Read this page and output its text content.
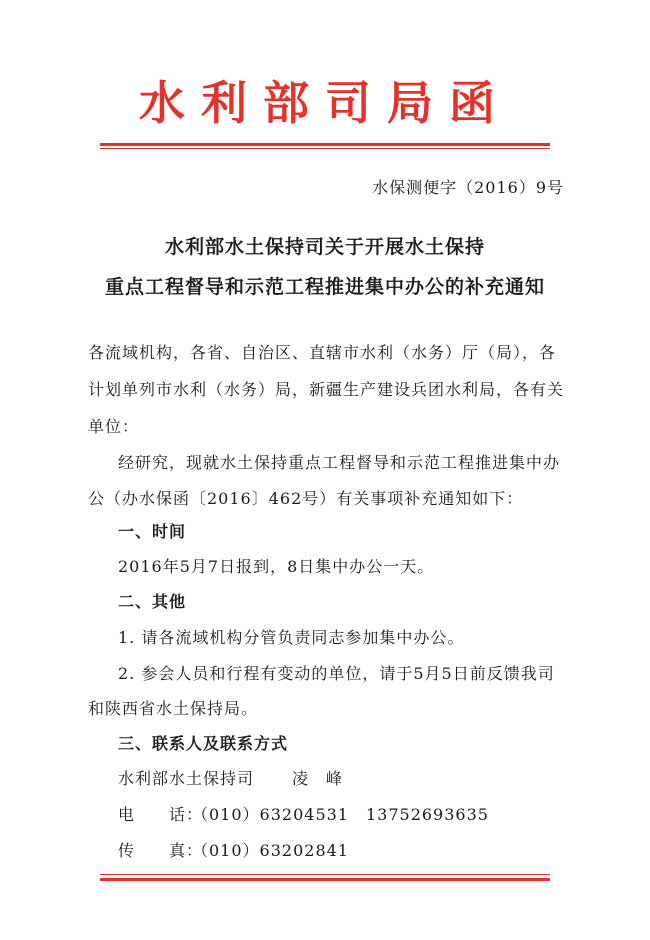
水利部司局函
水保测便字（2016）9号
水利部水土保持司关于开展水土保持
重点工程督导和示范工程推进集中办公的补充通知
各流域机构，各省、自治区、直辖市水利（水务）厅（局），各
计划单列市水利（水务）局，新疆生产建设兵团水利局，各有关
单位：
经研究，现就水土保持重点工程督导和示范工程推进集中办
公（办水保函〔2016〕462号）有关事项补充通知如下：
一、时间
2016年5月7日报到，8日集中办公一天。
二、其他
1. 请各流域机构分管负责同志参加集中办公。
2. 参会人员和行程有变动的单位，请于5月5日前反馈我司
和陕西省水土保持局。
三、联系人及联系方式
水利部水土保持司 凌　峰
电　　话：
（010）63204531　13752693635
传　　真：
（010）63202841
